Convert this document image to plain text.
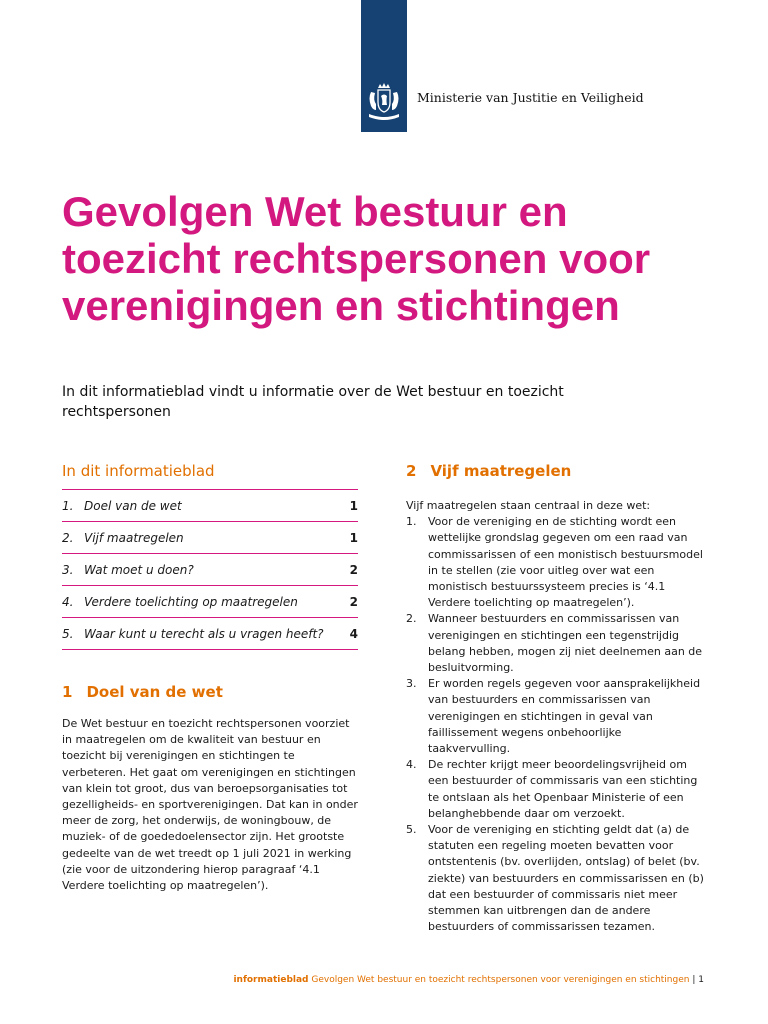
Ministerie van Justitie en Veiligheid
Gevolgen Wet bestuur en toezicht rechtspersonen voor verenigingen en stichtingen

In dit informatieblad vindt u informatie over de Wet bestuur en toezicht rechtspersonen

In dit informatieblad
1. Doel van de wet	1
2. Vijf maatregelen	1
3. Wat moet u doen?	2
4. Verdere toelichting op maatregelen	2
5. Waar kunt u terecht als u vragen heeft?	4
1 Doel van de wet

De Wet bestuur en toezicht rechtspersonen voorziet in maatregelen om de kwaliteit van bestuur en toezicht bij verenigingen en stichtingen te verbeteren. Het gaat om verenigingen en stichtingen van klein tot groot, dus van beroepsorganisaties tot gezelligheids- en sportverenigingen. Dat kan in onder meer de zorg, het onderwijs, de woningbouw, de muziek- of de goededoelensector zijn. Het grootste gedeelte van de wet treedt op 1 juli 2021 in werking (zie voor de uitzondering hierop paragraaf ‘4.1 Verdere toelichting op maatregelen’).

2 Vijf maatregelen

Vijf maatregelen staan centraal in deze wet:

1.	Voor de vereniging en de stichting wordt een wettelijke grondslag gegeven om een raad van commissarissen of een monistisch bestuursmodel in te stellen (zie voor uitleg over wat een monistisch bestuurssysteem precies is ‘4.1 Verdere toelichting op maatregelen’).
2.	Wanneer bestuurders en commissarissen van verenigingen en stichtingen een tegenstrijdig belang hebben, mogen zij niet deelnemen aan de besluitvorming.
3.	Er worden regels gegeven voor aansprakelijkheid van bestuurders en commissarissen van verenigingen en stichtingen in geval van faillissement wegens onbehoorlijke taakvervulling.
4.	De rechter krijgt meer beoordelingsvrijheid om een bestuurder of commissaris van een stichting te ontslaan als het Openbaar Ministerie of een belanghebbende daar om verzoekt.
5.	Voor de vereniging en stichting geldt dat (a) de statuten een regeling moeten bevatten voor ontstentenis (bv. overlijden, ontslag) of belet (bv. ziekte) van bestuurders en commissarissen en (b) dat een bestuurder of commissaris niet meer stemmen kan uitbrengen dan de andere bestuurders of commissarissen tezamen.
informatieblad Gevolgen Wet bestuur en toezicht rechtspersonen voor verenigingen en stichtingen | 1
